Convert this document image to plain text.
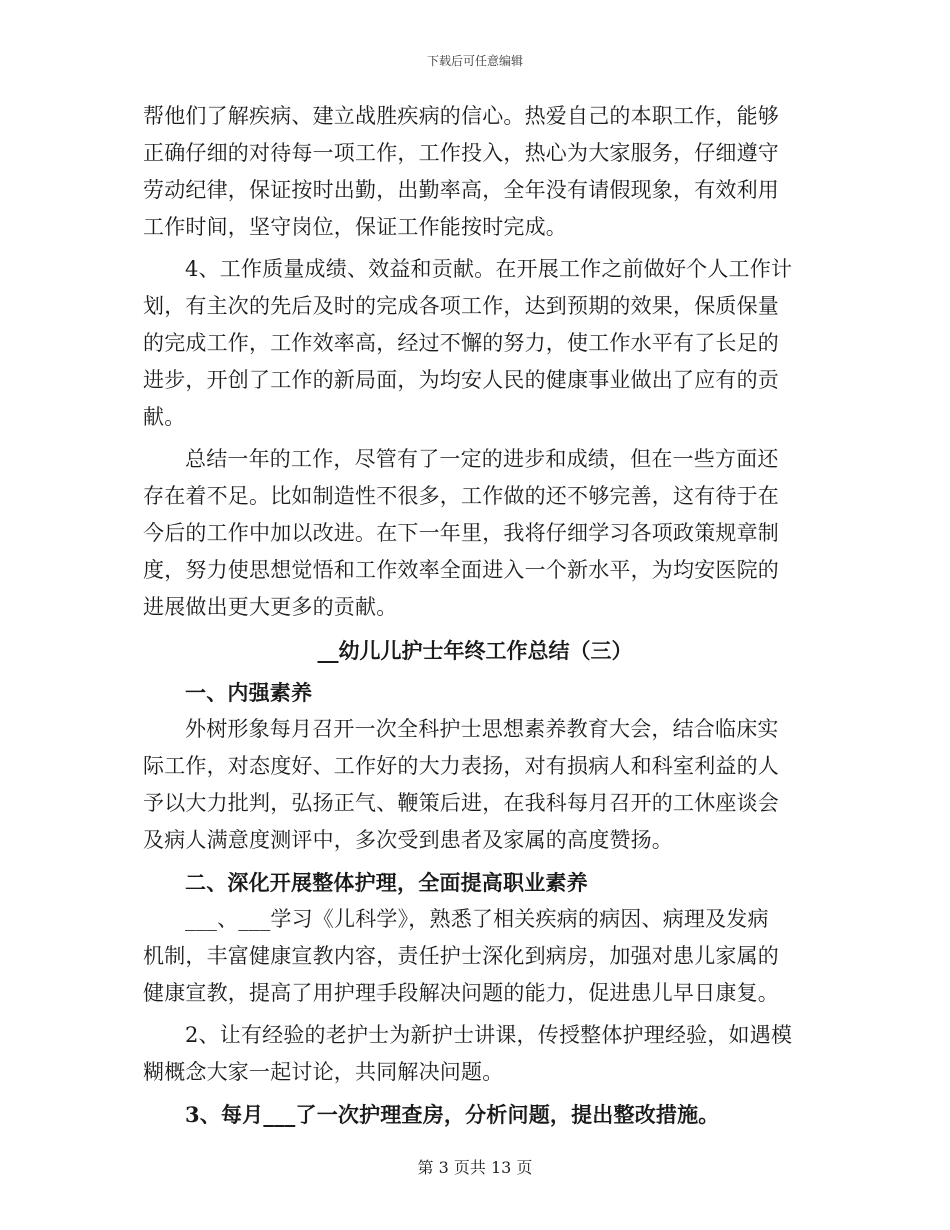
下载后可任意编辑
帮他们了解疾病、建立战胜疾病的信心。热爱自己的本职工作，能够
正确仔细的对待每一项工作，工作投入，热心为大家服务，仔细遵守
劳动纪律，保证按时出勤，出勤率高，全年没有请假现象，有效利用
工作时间，坚守岗位，保证工作能按时完成。
4、工作质量成绩、效益和贡献。在开展工作之前做好个人工作计
划，有主次的先后及时的完成各项工作，达到预期的效果，保质保量
的完成工作，工作效率高，经过不懈的努力，使工作水平有了长足的
进步，开创了工作的新局面，为均安人民的健康事业做出了应有的贡
献。
总结一年的工作，尽管有了一定的进步和成绩，但在一些方面还
存在着不足。比如制造性不很多，工作做的还不够完善，这有待于在
今后的工作中加以改进。在下一年里，我将仔细学习各项政策规章制
度，努力使思想觉悟和工作效率全面进入一个新水平，为均安医院的
进展做出更大更多的贡献。
__幼儿儿护士年终工作总结（三）
一、内强素养
外树形象每月召开一次全科护士思想素养教育大会，结合临床实
际工作，对态度好、工作好的大力表扬，对有损病人和科室利益的人
予以大力批判，弘扬正气、鞭策后进，在我科每月召开的工休座谈会
及病人满意度测评中，多次受到患者及家属的高度赞扬。
二、深化开展整体护理，全面提高职业素养
___、___学习《儿科学》，熟悉了相关疾病的病因、病理及发病
机制，丰富健康宣教内容，责任护士深化到病房，加强对患儿家属的
健康宣教，提高了用护理手段解决问题的能力，促进患儿早日康复。
2、让有经验的老护士为新护士讲课，传授整体护理经验，如遇模
糊概念大家一起讨论，共同解决问题。
3、每月___了一次护理查房，分析问题，提出整改措施。
第 3 页共 13 页
